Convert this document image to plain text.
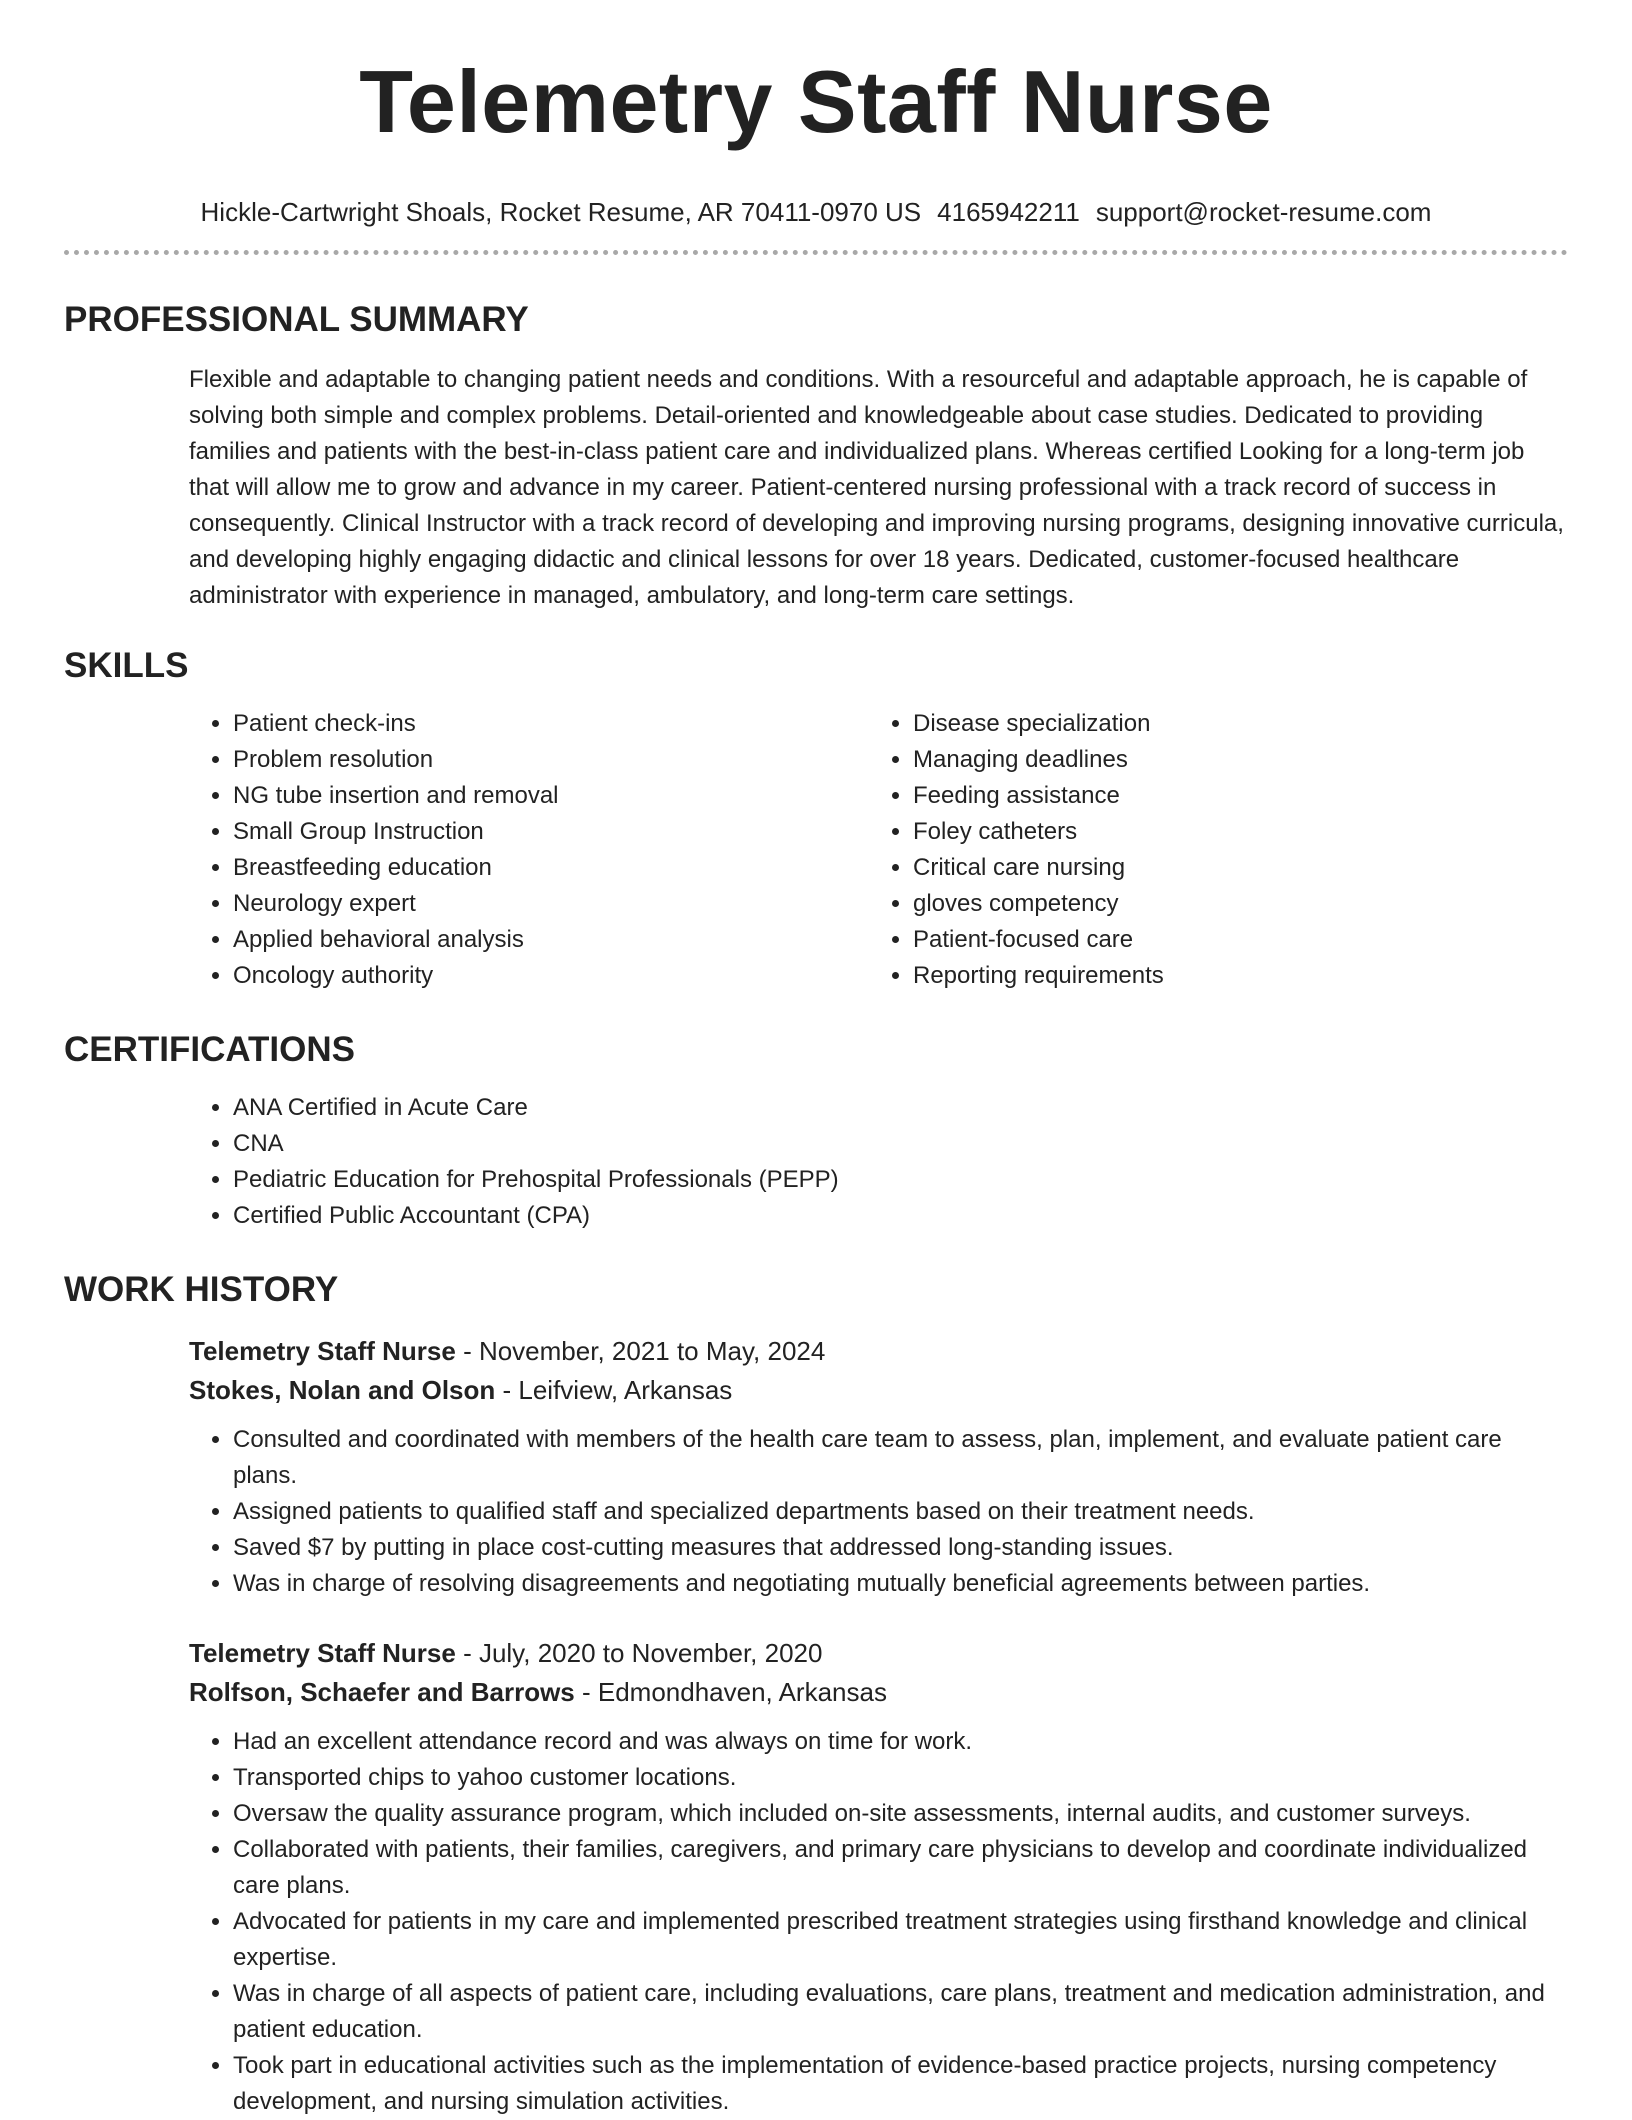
Telemetry Staff Nurse
Hickle-Cartwright Shoals, Rocket Resume, AR 70411-0970 US 4165942211 support@rocket-resume.com
PROFESSIONAL SUMMARY
Flexible and adaptable to changing patient needs and conditions. With a resourceful and adaptable approach, he is capable of solving both simple and complex problems. Detail-oriented and knowledgeable about case studies. Dedicated to providing families and patients with the best-in-class patient care and individualized plans. Whereas certified Looking for a long-term job that will allow me to grow and advance in my career. Patient-centered nursing professional with a track record of success in consequently. Clinical Instructor with a track record of developing and improving nursing programs, designing innovative curricula, and developing highly engaging didactic and clinical lessons for over 18 years. Dedicated, customer-focused healthcare administrator with experience in managed, ambulatory, and long-term care settings.
SKILLS
• Patient check-ins
• Problem resolution
• NG tube insertion and removal
• Small Group Instruction
• Breastfeeding education
• Neurology expert
• Applied behavioral analysis
• Oncology authority
• Disease specialization
• Managing deadlines
• Feeding assistance
• Foley catheters
• Critical care nursing
• gloves competency
• Patient-focused care
• Reporting requirements
CERTIFICATIONS
• ANA Certified in Acute Care
• CNA
• Pediatric Education for Prehospital Professionals (PEPP)
• Certified Public Accountant (CPA)
WORK HISTORY
Telemetry Staff Nurse - November, 2021 to May, 2024
Stokes, Nolan and Olson - Leifview, Arkansas
• Consulted and coordinated with members of the health care team to assess, plan, implement, and evaluate patient care plans.
• Assigned patients to qualified staff and specialized departments based on their treatment needs.
• Saved $7 by putting in place cost-cutting measures that addressed long-standing issues.
• Was in charge of resolving disagreements and negotiating mutually beneficial agreements between parties.
Telemetry Staff Nurse - July, 2020 to November, 2020
Rolfson, Schaefer and Barrows - Edmondhaven, Arkansas
• Had an excellent attendance record and was always on time for work.
• Transported chips to yahoo customer locations.
• Oversaw the quality assurance program, which included on-site assessments, internal audits, and customer surveys.
• Collaborated with patients, their families, caregivers, and primary care physicians to develop and coordinate individualized care plans.
• Advocated for patients in my care and implemented prescribed treatment strategies using firsthand knowledge and clinical expertise.
• Was in charge of all aspects of patient care, including evaluations, care plans, treatment and medication administration, and patient education.
• Took part in educational activities such as the implementation of evidence-based practice projects, nursing competency development, and nursing simulation activities.
